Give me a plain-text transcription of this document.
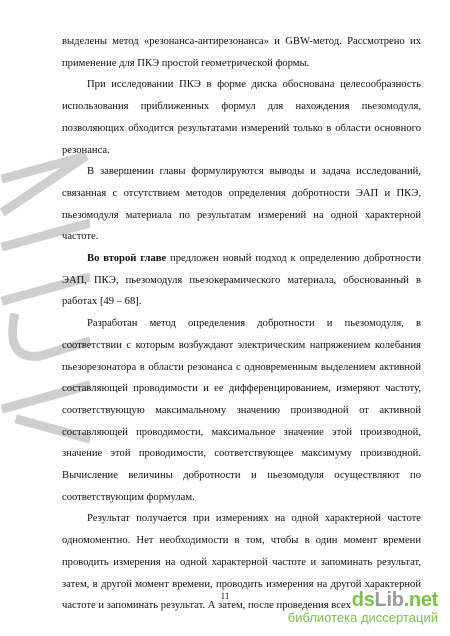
выделены метод «резонанса-антирезонанса» и GBW-метод. Рассмотрено их применение для ПКЭ простой геометрической формы.

При исследовании ПКЭ в форме диска обоснована целесообразность использования приближенных формул для нахождения пьезомодуля, позволяющих обходится результатами измерений только в области основного резонанса.

В завершении главы формулируются выводы и задача исследований, связанная с отсутствием методов определения добротности ЭАП и ПКЭ, пьезомодуля материала по результатам измерений на одной характерной частоте.

Во второй главе предложен новый подход к определению добротности ЭАП, ПКЭ, пьезомодуля пьезокерамического материала, обоснованный в работах [49 – 68].

Разработан метод определения добротности и пьезомодуля, в соответствии с которым возбуждают электрическим напряжением колебания пьезорезонатора в области резонанса с одновременным выделением активной составляющей проводимости и ее дифференцированием, измеряют частоту, соответствующую максимальному значению производной от активной составляющей проводимости, максимальное значение этой производной, значение этой проводимости, соответствующее максимуму производной. Вычисление величины добротности и пьезомодуля осуществляют по соответствующим формулам.

Результат получается при измерениях на одной характерной частоте одномоментно. Нет необходимости в том, чтобы в один момент времени проводить измерения на одной характерной частоте и запоминать результат, затем, в другой момент времени, проводить измерения на другой характерной частоте и запоминать результат. А затем, после проведения всех

11	dsLib.net
библиотека диссертаций
